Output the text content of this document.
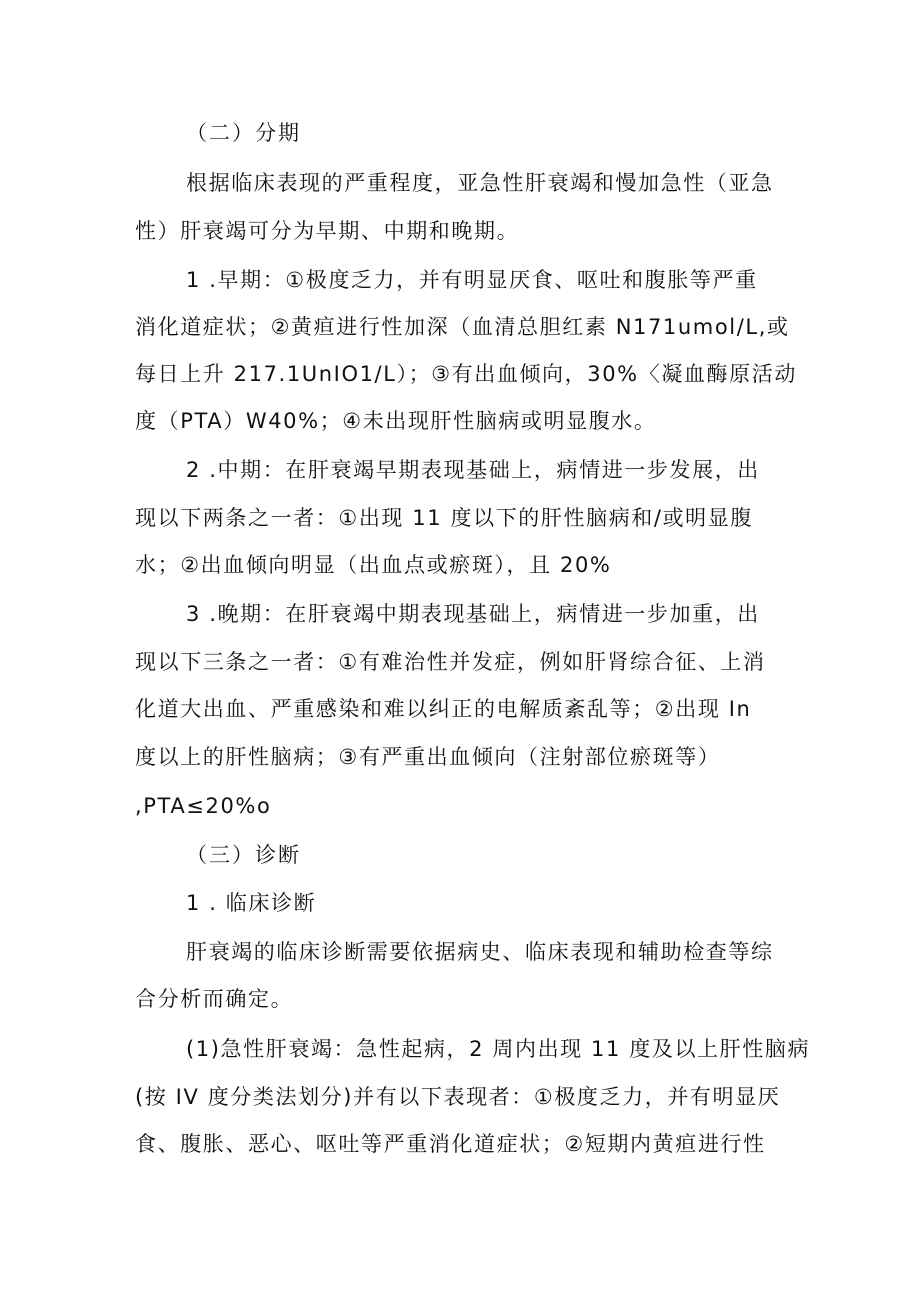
（二）分期
根据临床表现的严重程度，亚急性肝衰竭和慢加急性（亚急
性）肝衰竭可分为早期、中期和晚期。
1 .早期：①极度乏力，并有明显厌食、呕吐和腹胀等严重
消化道症状；②黄疸进行性加深（血清总胆红素 N171umol/L,或
每日上升 217.1UnIO1/L）；③有出血倾向，30%〈凝血酶原活动
度（PTA）W40%；④未出现肝性脑病或明显腹水。
2 .中期：在肝衰竭早期表现基础上，病情进一步发展，出
现以下两条之一者：①出现 11 度以下的肝性脑病和/或明显腹
水；②出血倾向明显（出血点或瘀斑），且 20%
3 .晚期：在肝衰竭中期表现基础上，病情进一步加重，出
现以下三条之一者：①有难治性并发症，例如肝肾综合征、上消
化道大出血、严重感染和难以纠正的电解质紊乱等；②出现 In
度以上的肝性脑病；③有严重出血倾向（注射部位瘀斑等）
,PTA≤20%o
（三）诊断
1 . 临床诊断
肝衰竭的临床诊断需要依据病史、临床表现和辅助检查等综
合分析而确定。
(1)急性肝衰竭：急性起病，2 周内出现 11 度及以上肝性脑病
(按 IV 度分类法划分)并有以下表现者：①极度乏力，并有明显厌
食、腹胀、恶心、呕吐等严重消化道症状；②短期内黄疸进行性
